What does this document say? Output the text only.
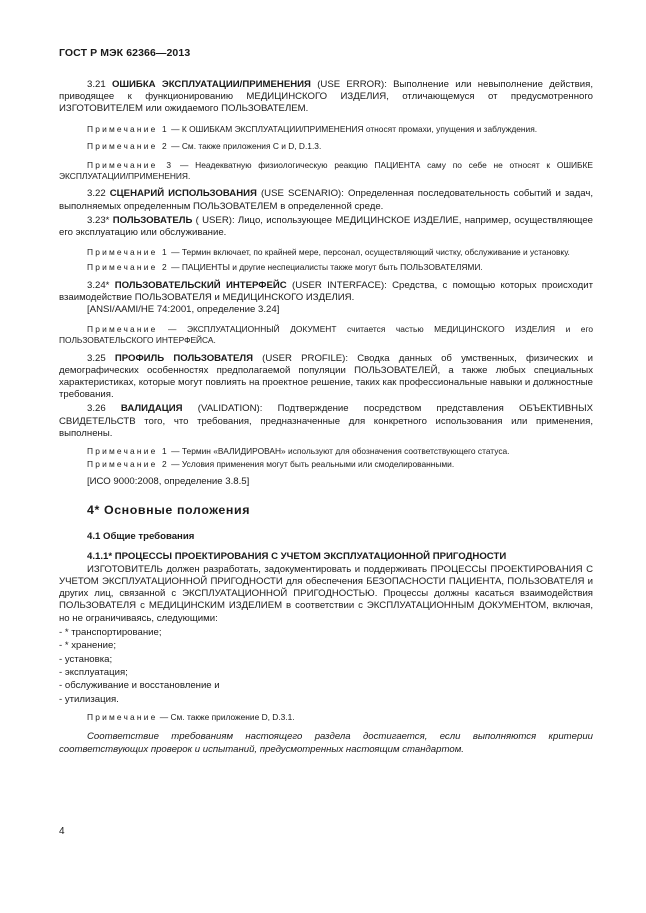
ГОСТ Р МЭК 62366—2013

3.21 ОШИБКА ЭКСПЛУАТАЦИИ/ПРИМЕНЕНИЯ (USE ERROR): Выполнение или невыполнение действия, приводящее к функционированию МЕДИЦИНСКОГО ИЗДЕЛИЯ, отличающемуся от предусмотренного ИЗГОТОВИТЕЛЕМ или ожидаемого ПОЛЬЗОВАТЕЛЕМ.

Примечание 1 — К ОШИБКАМ ЭКСПЛУАТАЦИИ/ПРИМЕНЕНИЯ относят промахи, упущения и заблуждения.

Примечание 2 — См. также приложения С и D, D.1.3.

Примечание 3 — Неадекватную физиологическую реакцию ПАЦИЕНТА саму по себе не относят к ОШИБКЕ ЭКСПЛУАТАЦИИ/ПРИМЕНЕНИЯ.

3.22 СЦЕНАРИЙ ИСПОЛЬЗОВАНИЯ (USE SCENARIO): Определенная последовательность событий и задач, выполняемых определенным ПОЛЬЗОВАТЕЛЕМ в определенной среде.

3.23* ПОЛЬЗОВАТЕЛЬ ( USER): Лицо, использующее МЕДИЦИНСКОЕ ИЗДЕЛИЕ, например, осуществляющее его эксплуатацию или обслуживание.

Примечание 1 — Термин включает, по крайней мере, персонал, осуществляющий чистку, обслуживание и установку.

Примечание 2 — ПАЦИЕНТЫ и другие неспециалисты также могут быть ПОЛЬЗОВАТЕЛЯМИ.

3.24* ПОЛЬЗОВАТЕЛЬСКИЙ ИНТЕРФЕЙС (USER INTERFACE): Средства, с помощью которых происходит взаимодействие ПОЛЬЗОВАТЕЛЯ и МЕДИЦИНСКОГО ИЗДЕЛИЯ.

[ANSI/AAMI/HE 74:2001, определение 3.24]

Примечание — ЭКСПЛУАТАЦИОННЫЙ ДОКУМЕНТ считается частью МЕДИЦИНСКОГО ИЗДЕЛИЯ и его ПОЛЬЗОВАТЕЛЬСКОГО ИНТЕРФЕЙСА.

3.25 ПРОФИЛЬ ПОЛЬЗОВАТЕЛЯ (USER PROFILE): Сводка данных об умственных, физических и демографических особенностях предполагаемой популяции ПОЛЬЗОВАТЕЛЕЙ, а также любых специальных характеристиках, которые могут повлиять на проектное решение, таких как профессиональные навыки и должностные требования.

3.26 ВАЛИДАЦИЯ (VALIDATION): Подтверждение посредством представления ОБЪЕКТИВНЫХ СВИДЕТЕЛЬСТВ того, что требования, предназначенные для конкретного использования или применения, выполнены.

Примечание 1 — Термин «ВАЛИДИРОВАН» используют для обозначения соответствующего статуса.

Примечание 2 — Условия применения могут быть реальными или смоделированными.

[ИСО 9000:2008, определение 3.8.5]

4* Основные положения
4.1 Общие требования
4.1.1* ПРОЦЕССЫ ПРОЕКТИРОВАНИЯ С УЧЕТОМ ЭКСПЛУАТАЦИОННОЙ ПРИГОДНОСТИ

ИЗГОТОВИТЕЛЬ должен разработать, задокументировать и поддерживать ПРОЦЕССЫ ПРОЕКТИРОВАНИЯ С УЧЕТОМ ЭКСПЛУАТАЦИОННОЙ ПРИГОДНОСТИ для обеспечения БЕЗОПАСНОСТИ ПАЦИЕНТА, ПОЛЬЗОВАТЕЛЯ и других лиц, связанной с ЭКСПЛУАТАЦИОННОЙ ПРИГОДНОСТЬЮ. Процессы должны касаться взаимодействия ПОЛЬЗОВАТЕЛЯ с МЕДИЦИНСКИМ ИЗДЕЛИЕМ в соответствии с ЭКСПЛУАТАЦИОННЫМ ДОКУМЕНТОМ, включая, но не ограничиваясь, следующими:

- * транспортирование;

- * хранение;

- установка;

- эксплуатация;

- обслуживание и восстановление и

- утилизация.

Примечание — См. также приложение D, D.3.1.

Соответствие требованиям настоящего раздела достигается, если выполняются критерии соответствующих проверок и испытаний, предусмотренных настоящим стандартом.

4
